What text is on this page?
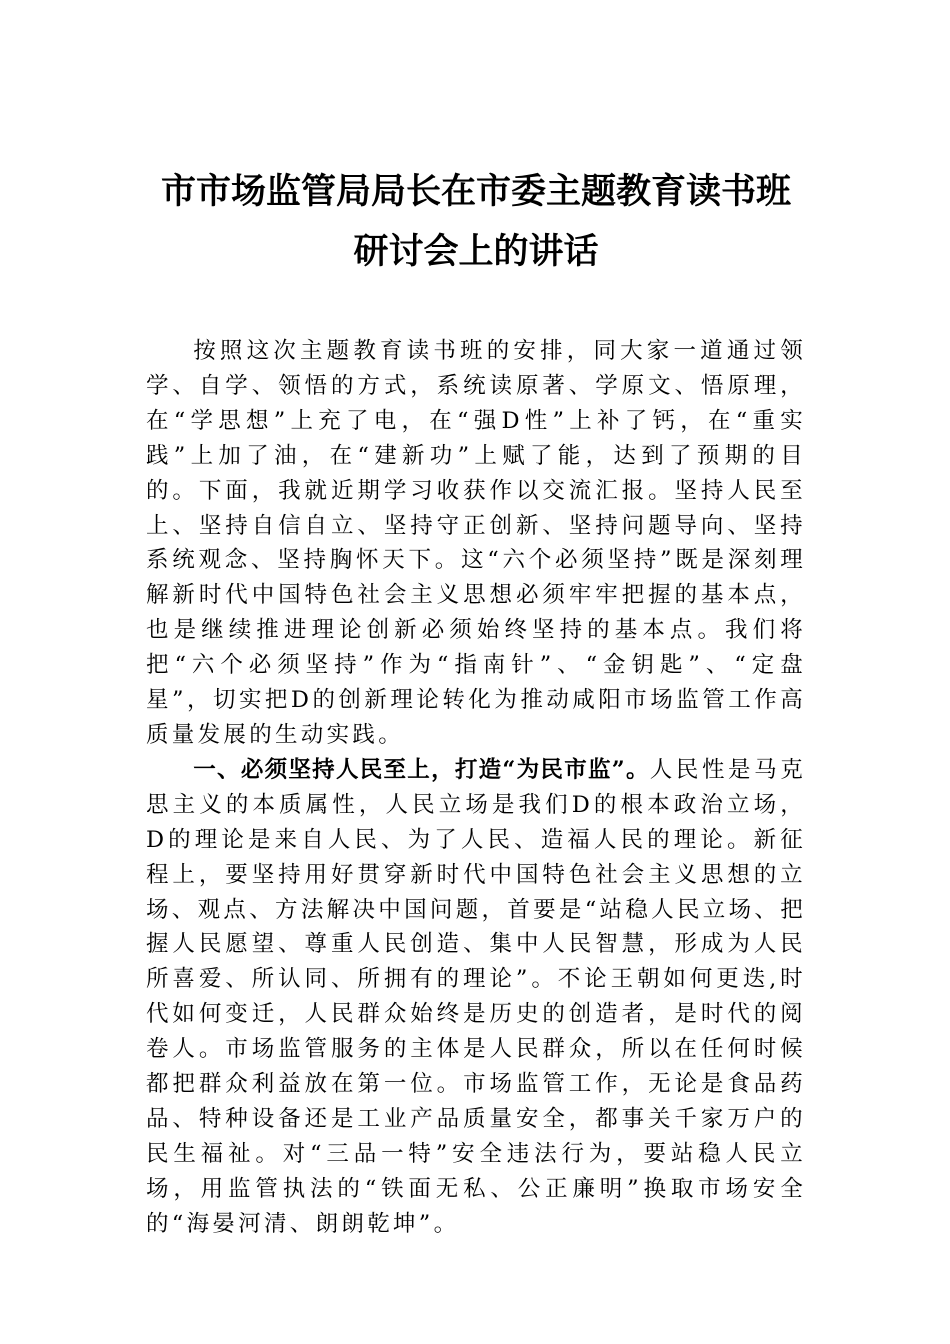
市市场监管局局长在市委主题教育读书班
研讨会上的讲话

按照这次主题教育读书班的安排，同大家一道通过领学、自学、领悟的方式，系统读原著、学原文、悟原理，在“学思想”上充了电，在“强D性”上补了钙，在“重实践”上加了油，在“建新功”上赋了能，达到了预期的目的。下面，我就近期学习收获作以交流汇报。坚持人民至上、坚持自信自立、坚持守正创新、坚持问题导向、坚持系统观念、坚持胸怀天下。这“六个必须坚持”既是深刻理解新时代中国特色社会主义思想必须牢牢把握的基本点，也是继续推进理论创新必须始终坚持的基本点。我们将把“六个必须坚持”作为“指南针”、“金钥匙”、“定盘星”，切实把D的创新理论转化为推动咸阳市场监管工作高质量发展的生动实践。

一、必须坚持人民至上，打造“为民市监”。人民性是马克思主义的本质属性，人民立场是我们D的根本政治立场，D的理论是来自人民、为了人民、造福人民的理论。新征程上，要坚持用好贯穿新时代中国特色社会主义思想的立场、观点、方法解决中国问题，首要是“站稳人民立场、把握人民愿望、尊重人民创造、集中人民智慧，形成为人民所喜爱、所认同、所拥有的理论”。不论王朝如何更迭,时代如何变迁，人民群众始终是历史的创造者，是时代的阅卷人。市场监管服务的主体是人民群众，所以在任何时候都把群众利益放在第一位。市场监管工作，无论是食品药品、特种设备还是工业产品质量安全，都事关千家万户的民生福祉。对“三品一特”安全违法行为，要站稳人民立场，用监管执法的“铁面无私、公正廉明”换取市场安全的“海晏河清、朗朗乾坤”。
